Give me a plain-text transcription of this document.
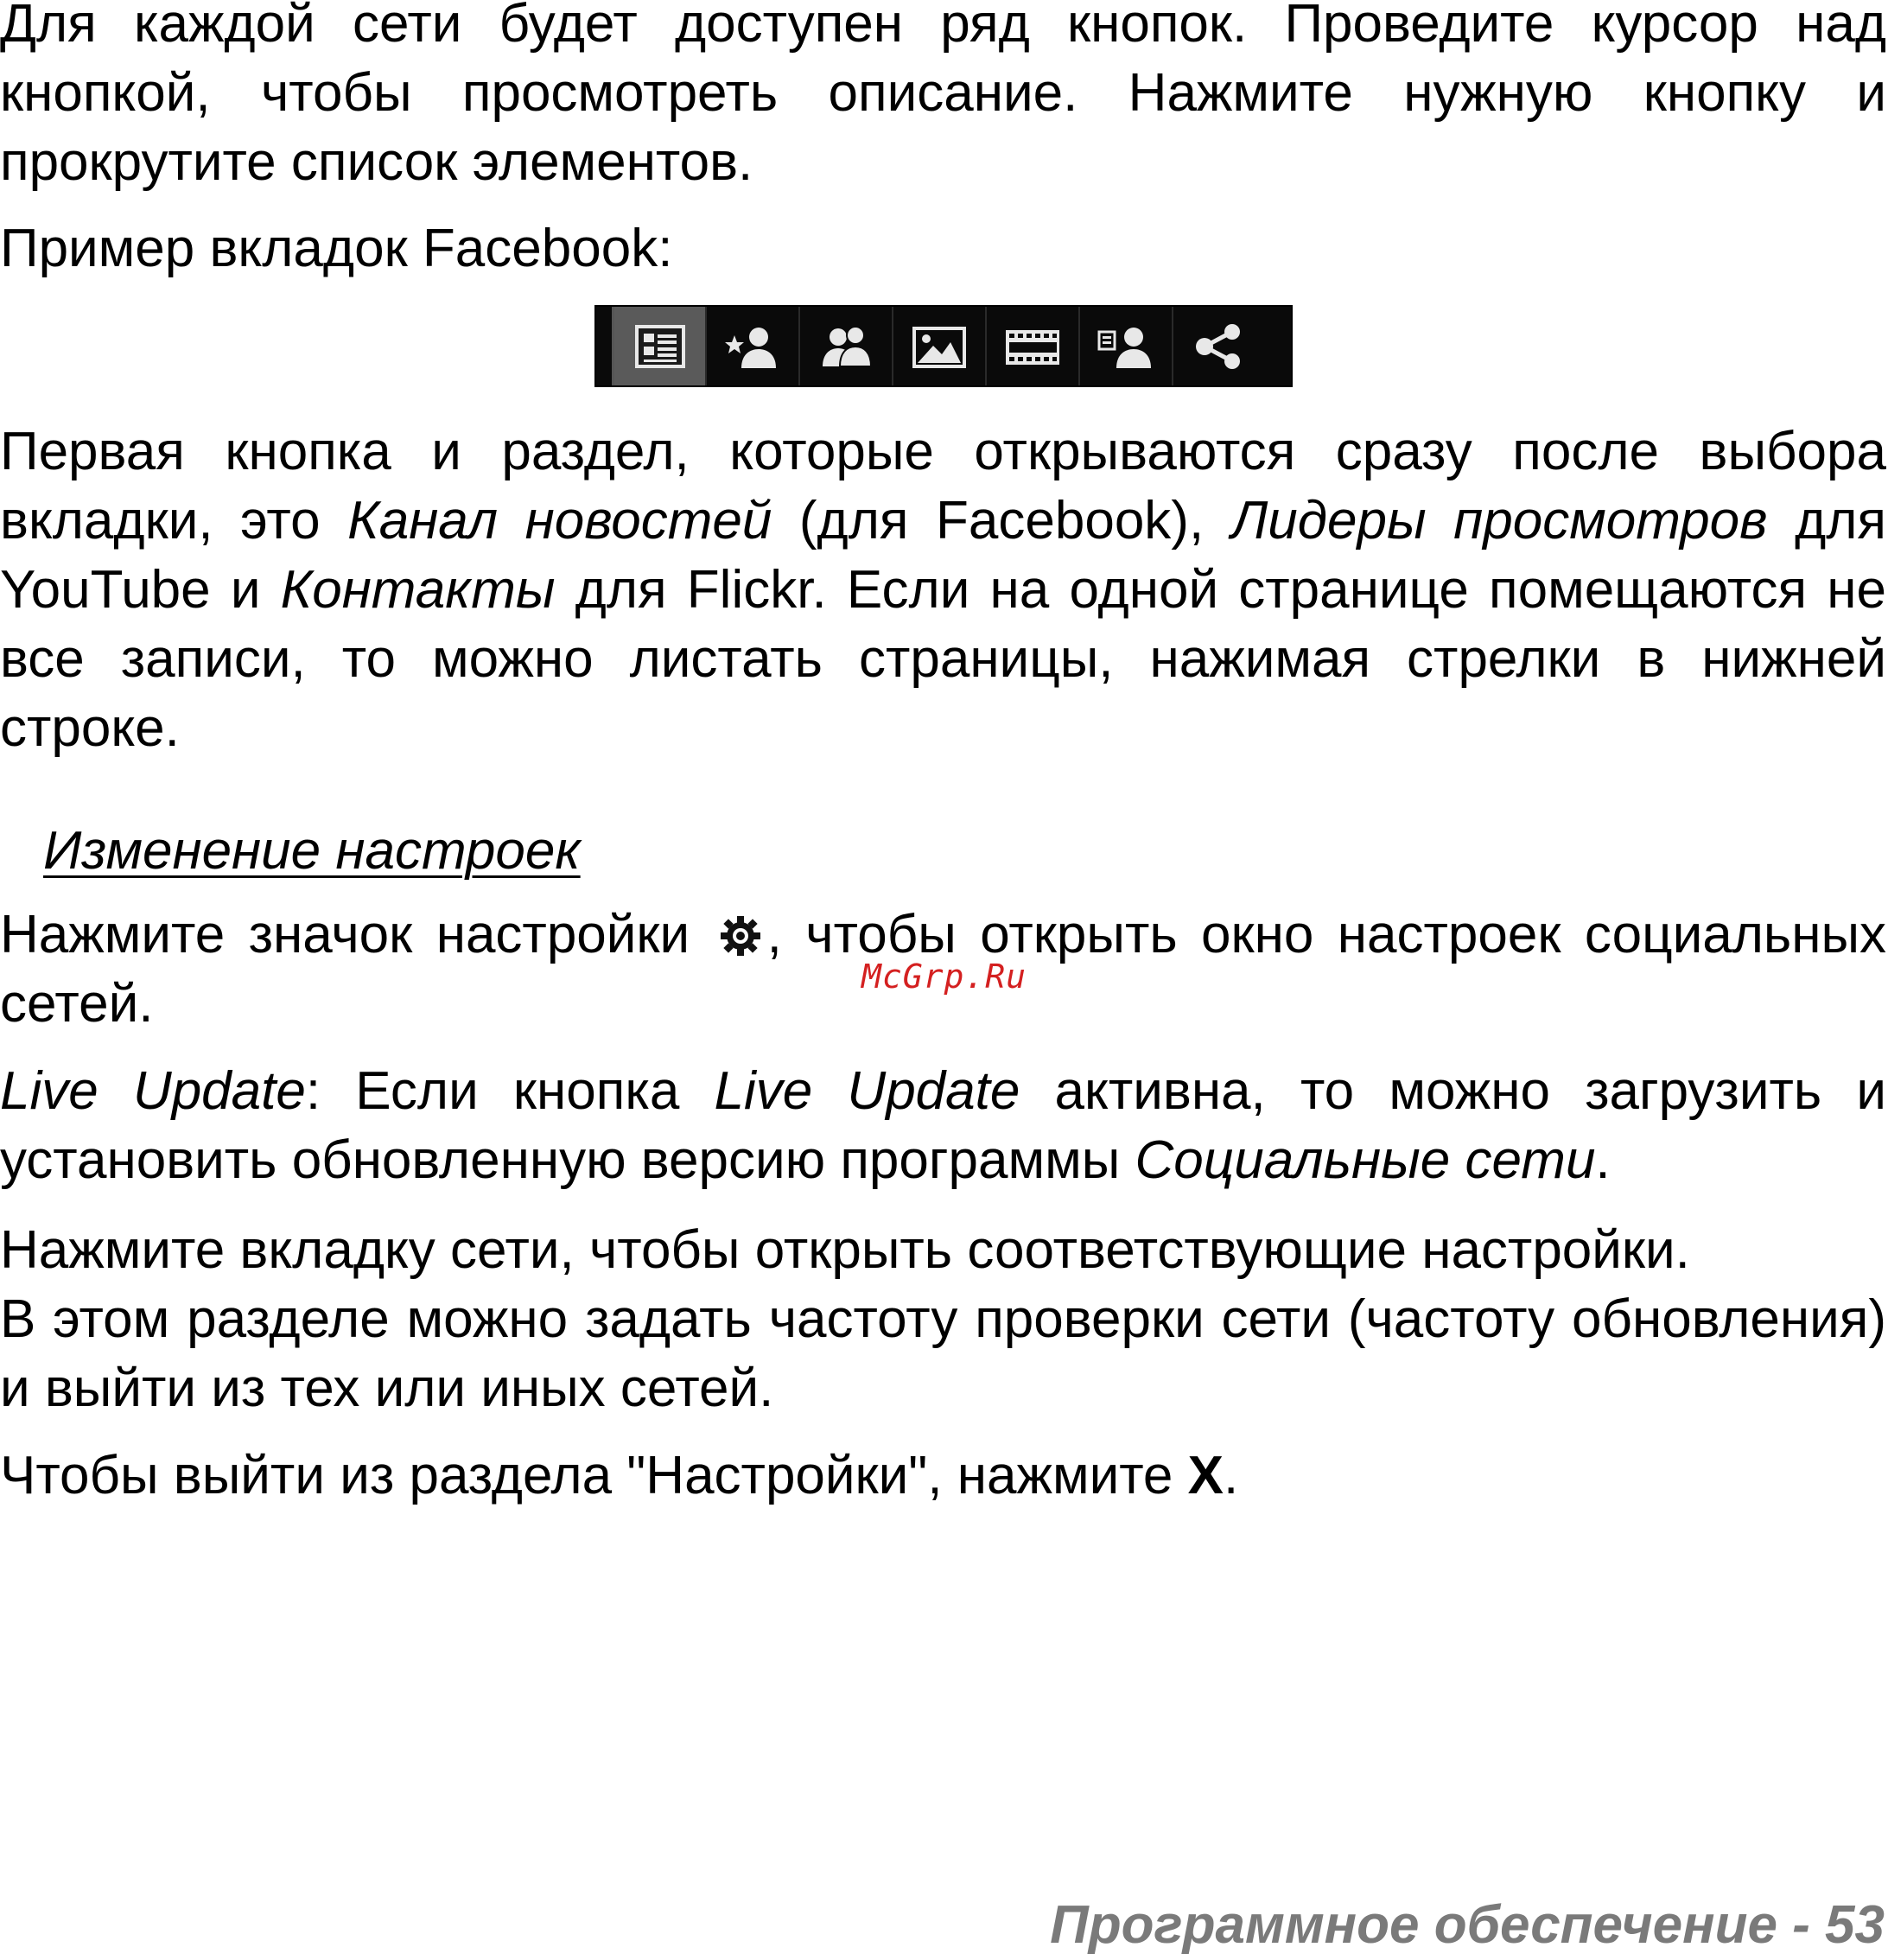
Для каждой сети будет доступен ряд кнопок. Проведите курсор над кнопкой, чтобы просмотреть описание. Нажмите нужную кнопку и прокрутите список элементов.

Пример вкладок Facebook:

Первая кнопка и раздел, которые открываются сразу после выбора вкладки, это Канал новостей (для Facebook), Лидеры просмотров для YouTube и Контакты для Flickr. Если на одной странице помещаются не все записи, то можно листать страницы, нажимая стрелки в нижней строке.

Изменение настроек

Нажмите значок настройки , чтобы открыть окно настроек социальных сетей.	McGrp.Ru

Live Update: Если кнопка Live Update активна, то можно загрузить и установить обновленную версию программы Социальные сети.

Нажмите вкладку сети, чтобы открыть соответствующие настройки.

В этом разделе можно задать частоту проверки сети (частоту обновления) и выйти из тех или иных сетей.

Чтобы выйти из раздела "Настройки", нажмите X.

Программное обеспечение - 53
